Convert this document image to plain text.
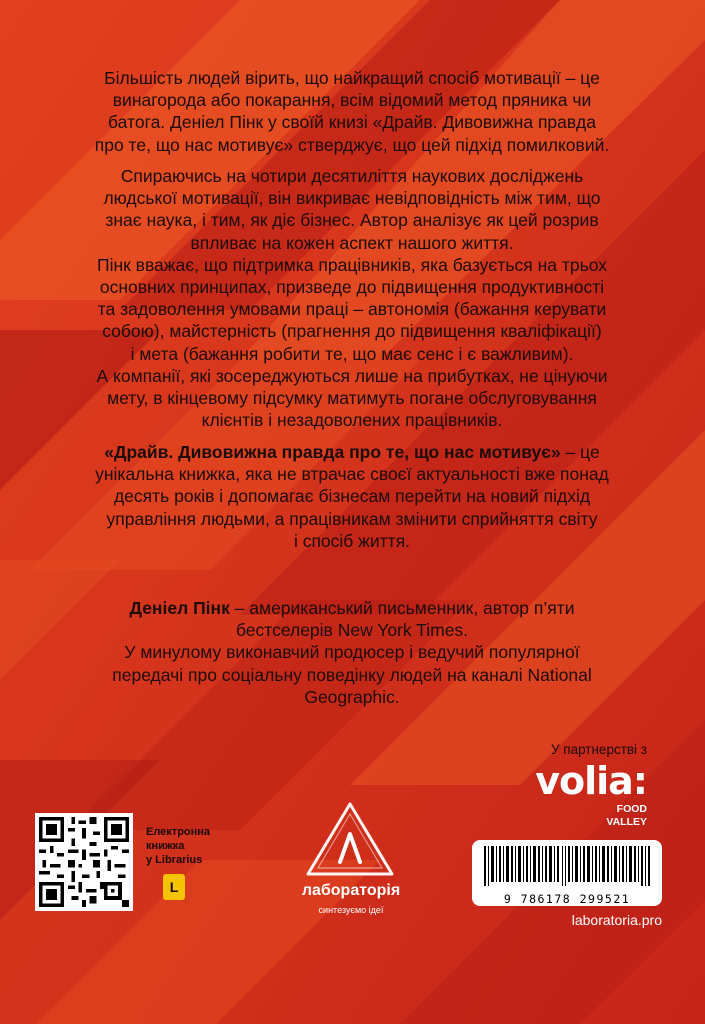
Більшість людей вірить, що найкращий спосіб мотивації – це

винагорода або покарання, всім відомий метод пряника чи

батога. Деніел Пінк у своїй книзі «Драйв. Дивовижна правда

про те, що нас мотивує» стверджує, що цей підхід помилковий.

Спираючись на чотири десятиліття наукових досліджень

людської мотивації, він викриває невідповідність між тим, що

знає наука, і тим, як діє бізнес. Автор аналізує як цей розрив

впливає на кожен аспект нашого життя.

Пінк вважає, що підтримка працівників, яка базується на трьох

основних принципах, призведе до підвищення продуктивності

та задоволення умовами праці – автономія (бажання керувати

собою), майстерність (прагнення до підвищення кваліфікації)

і мета (бажання робити те, що має сенс і є важливим).

А компанії, які зосереджуються лише на прибутках, не цінуючи

мету, в кінцевому підсумку матимуть погане обслуговування

клієнтів і незадоволених працівників.

«Драйв. Дивовижна правда про те, що нас мотивує» – це

унікальна книжка, яка не втрачає своєї актуальності вже понад

десять років і допомагає бізнесам перейти на новий підхід

управління людьми, а працівникам змінити сприйняття світу

і спосіб життя.

Деніел Пінк – американський письменник, автор п’яти

бестселерів New York Times.

У минулому виконавчий продюсер і ведучий популярної

передачі про соціальну поведінку людей на каналі National

Geographic.

У партнерстві з
volia:
FOOD
VALLEY
Електронна
книжка
у Librarius
L	лабораторія
синтезуємо ідеї
9 786178 299521
laboratoria.pro
